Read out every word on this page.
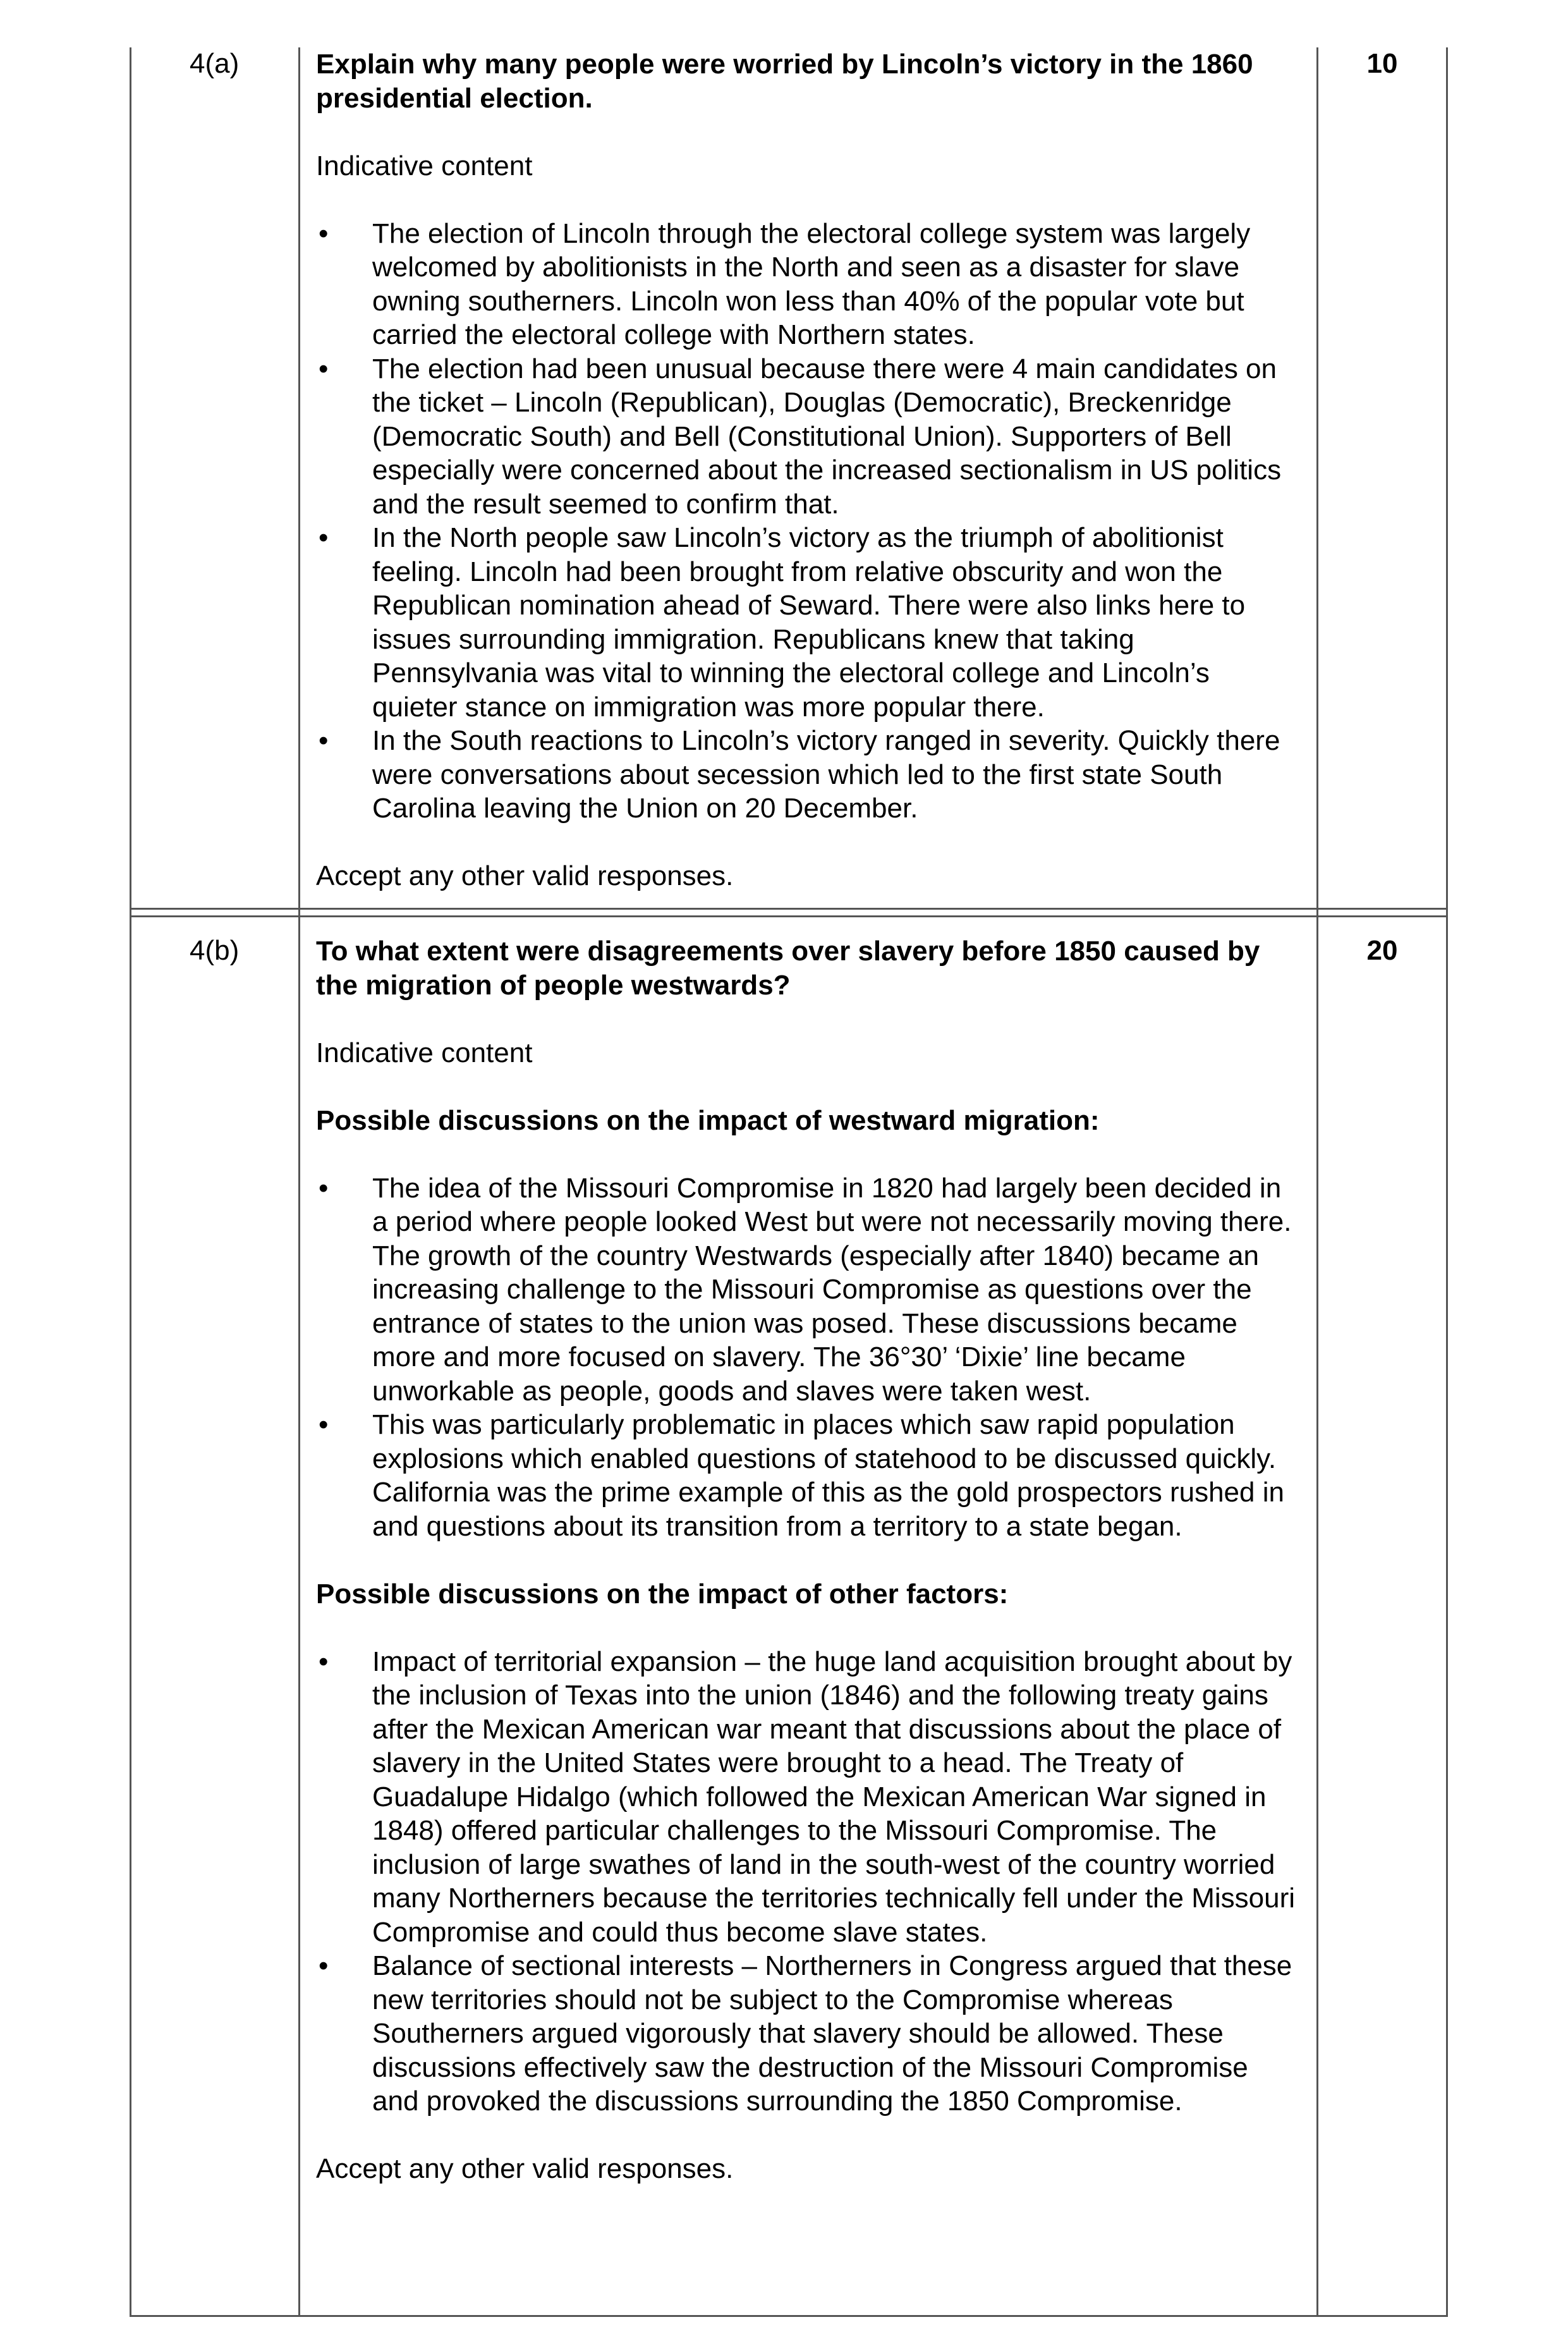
4(a)	10

Explain why many people were worried by Lincoln’s victory in the 1860 presidential election.

Indicative content

• The election of Lincoln through the electoral college system was largely welcomed by abolitionists in the North and seen as a disaster for slave owning southerners. Lincoln won less than 40% of the popular vote but carried the electoral college with Northern states.
• The election had been unusual because there were 4 main candidates on the ticket – Lincoln (Republican), Douglas (Democratic), Breckenridge (Democratic South) and Bell (Constitutional Union). Supporters of Bell especially were concerned about the increased sectionalism in US politics and the result seemed to confirm that.
• In the North people saw Lincoln’s victory as the triumph of abolitionist feeling. Lincoln had been brought from relative obscurity and won the Republican nomination ahead of Seward. There were also links here to issues surrounding immigration. Republicans knew that taking Pennsylvania was vital to winning the electoral college and Lincoln’s quieter stance on immigration was more popular there.
• In the South reactions to Lincoln’s victory ranged in severity. Quickly there were conversations about secession which led to the first state South Carolina leaving the Union on 20 December.

Accept any other valid responses.

4(b)	20

To what extent were disagreements over slavery before 1850 caused by the migration of people westwards?

Indicative content

Possible discussions on the impact of westward migration:

• The idea of the Missouri Compromise in 1820 had largely been decided in a period where people looked West but were not necessarily moving there. The growth of the country Westwards (especially after 1840) became an increasing challenge to the Missouri Compromise as questions over the entrance of states to the union was posed. These discussions became more and more focused on slavery. The 36°30’ ‘Dixie’ line became unworkable as people, goods and slaves were taken west.
• This was particularly problematic in places which saw rapid population explosions which enabled questions of statehood to be discussed quickly. California was the prime example of this as the gold prospectors rushed in and questions about its transition from a territory to a state began.

Possible discussions on the impact of other factors:

• Impact of territorial expansion – the huge land acquisition brought about by the inclusion of Texas into the union (1846) and the following treaty gains after the Mexican American war meant that discussions about the place of slavery in the United States were brought to a head. The Treaty of Guadalupe Hidalgo (which followed the Mexican American War signed in 1848) offered particular challenges to the Missouri Compromise. The inclusion of large swathes of land in the south-west of the country worried many Northerners because the territories technically fell under the Missouri Compromise and could thus become slave states.
• Balance of sectional interests – Northerners in Congress argued that these new territories should not be subject to the Compromise whereas Southerners argued vigorously that slavery should be allowed. These discussions effectively saw the destruction of the Missouri Compromise and provoked the discussions surrounding the 1850 Compromise.

Accept any other valid responses.
